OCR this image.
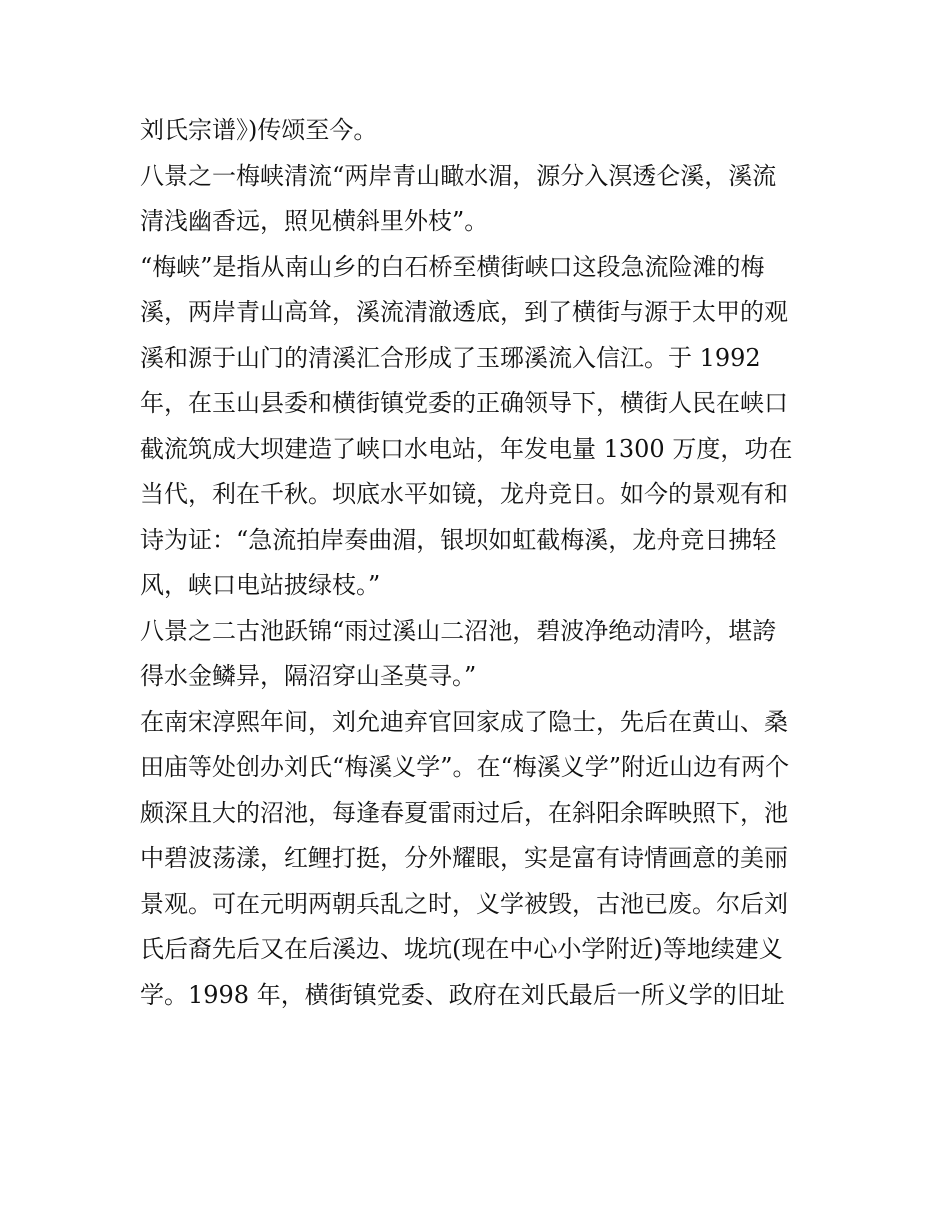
刘氏宗谱》)传颂至今。
八景之一梅峡清流“两岸青山瞰水湄，源分入溟透仑溪，溪流
清浅幽香远，照见横斜里外枝”。
“梅峡”是指从南山乡的白石桥至横街峡口这段急流险滩的梅
溪，两岸青山高耸，溪流清澈透底，到了横街与源于太甲的观
溪和源于山门的清溪汇合形成了玉琊溪流入信江。于 1992
年，在玉山县委和横街镇党委的正确领导下，横街人民在峡口
截流筑成大坝建造了峡口水电站，年发电量 1300 万度，功在
当代，利在千秋。坝底水平如镜，龙舟竞日。如今的景观有和
诗为证：“急流拍岸奏曲湄，银坝如虹截梅溪，龙舟竞日拂轻
风，峡口电站披绿枝。”
八景之二古池跃锦“雨过溪山二沼池，碧波净绝动清吟，堪誇
得水金鳞异，隔沼穿山圣莫寻。”
在南宋淳熙年间，刘允迪弃官回家成了隐士，先后在黄山、桑
田庙等处创办刘氏“梅溪义学”。在“梅溪义学”附近山边有两个
颇深且大的沼池，每逢春夏雷雨过后，在斜阳余晖映照下，池
中碧波荡漾，红鲤打挺，分外耀眼，实是富有诗情画意的美丽
景观。可在元明两朝兵乱之时，义学被毁，古池已废。尔后刘
氏后裔先后又在后溪边、垅坑(现在中心小学附近)等地续建义
学。1998 年，横街镇党委、政府在刘氏最后一所义学的旧址
